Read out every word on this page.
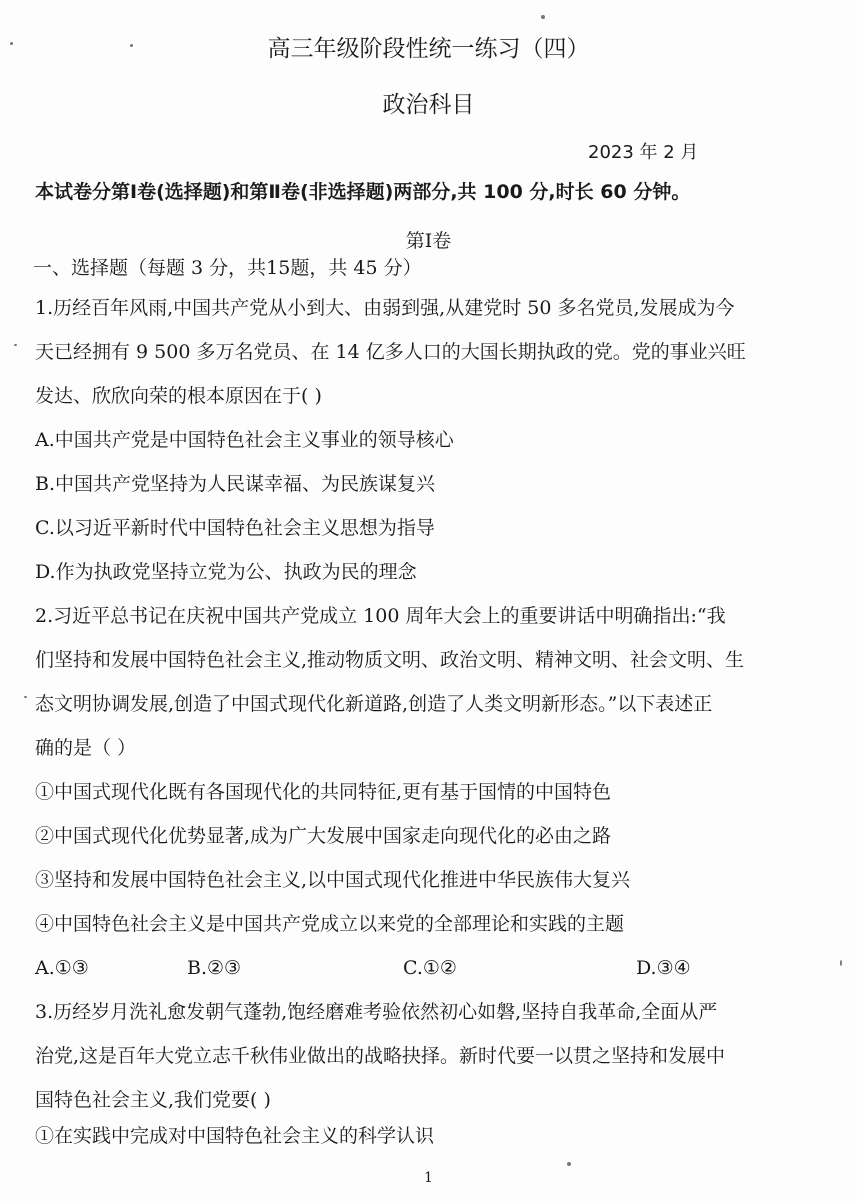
高三年级阶段性统一练习（四）
政治科目
2023 年 2 月
本试卷分第Ⅰ卷(选择题)和第Ⅱ卷(非选择题)两部分,共 100 分,时长 60 分钟。
第Ⅰ卷
一、选择题（每题 3 分，共15题，共 45 分）
1.历经百年风雨,中国共产党从小到大、由弱到强,从建党时 50 多名党员,发展成为今
天已经拥有 9 500 多万名党员、在 14 亿多人口的大国长期执政的党。党的事业兴旺
发达、欣欣向荣的根本原因在于( )
A.中国共产党是中国特色社会主义事业的领导核心
B.中国共产党坚持为人民谋幸福、为民族谋复兴
C.以习近平新时代中国特色社会主义思想为指导
D.作为执政党坚持立党为公、执政为民的理念
2.习近平总书记在庆祝中国共产党成立 100 周年大会上的重要讲话中明确指出:“我
们坚持和发展中国特色社会主义,推动物质文明、政治文明、精神文明、社会文明、生
态文明协调发展,创造了中国式现代化新道路,创造了人类文明新形态。”以下表述正
确的是（ ）
①中国式现代化既有各国现代化的共同特征,更有基于国情的中国特色
②中国式现代化优势显著,成为广大发展中国家走向现代化的必由之路
③坚持和发展中国特色社会主义,以中国式现代化推进中华民族伟大复兴
④中国特色社会主义是中国共产党成立以来党的全部理论和实践的主题
A.①③	B.②③	C.①②	D.③④
3.历经岁月洗礼愈发朝气蓬勃,饱经磨难考验依然初心如磐,坚持自我革命,全面从严
治党,这是百年大党立志千秋伟业做出的战略抉择。新时代要一以贯之坚持和发展中
国特色社会主义,我们党要( )
①在实践中完成对中国特色社会主义的科学认识
1
